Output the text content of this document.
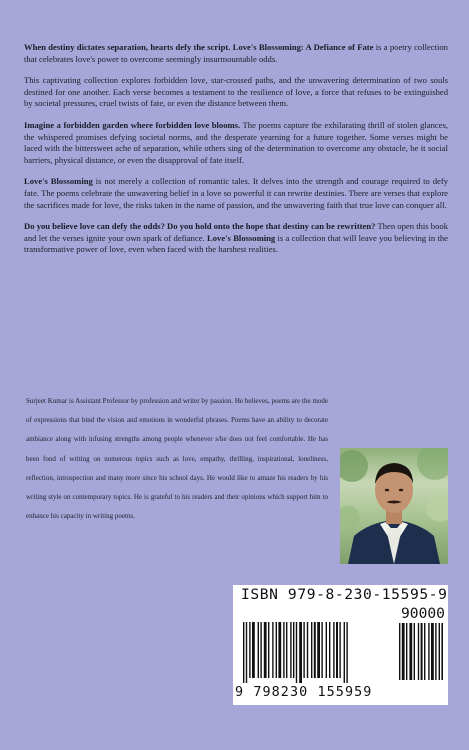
When destiny dictates separation, hearts defy the script. Love's Blossoming: A Defiance of Fate is a poetry collection that celebrates love's power to overcome seemingly insurmountable odds.

This captivating collection explores forbidden love, star-crossed paths, and the unwavering determination of two souls destined for one another. Each verse becomes a testament to the resilience of love, a force that refuses to be extinguished by societal pressures, cruel twists of fate, or even the distance between them.

Imagine a forbidden garden where forbidden love blooms. The poems capture the exhilarating thrill of stolen glances, the whispered promises defying societal norms, and the desperate yearning for a future together. Some verses might be laced with the bittersweet ache of separation, while others sing of the determination to overcome any obstacle, be it social barriers, physical distance, or even the disapproval of fate itself.

Love's Blossoming is not merely a collection of romantic tales. It delves into the strength and courage required to defy fate. The poems celebrate the unwavering belief in a love so powerful it can rewrite destinies. There are verses that explore the sacrifices made for love, the risks taken in the name of passion, and the unwavering faith that true love can conquer all.

Do you believe love can defy the odds? Do you hold onto the hope that destiny can be rewritten? Then open this book and let the verses ignite your own spark of defiance. Love's Blossoming is a collection that will leave you believing in the transformative power of love, even when faced with the harshest realities.

Surjeet Kumar is Assistant Professor by profession and writer by passion. He believes, poems are the mode of expressions that bind the vision and emotions in wonderful phrases. Poems have an ability to decorate ambiance along with infusing strengths among people whenever s/he does not feel comfortable. He has been fond of writing on numerous topics such as love, empathy, thrilling, inspirational, loneliness, reflection, introspection and many more since his school days. He would like to amaze his readers by his writing style on contemporary topics. He is grateful to his readers and their opinions which support him to enhance his capacity in writing poems.
ISBN 979-8-230-15595-9
90000
9 798230 155959
